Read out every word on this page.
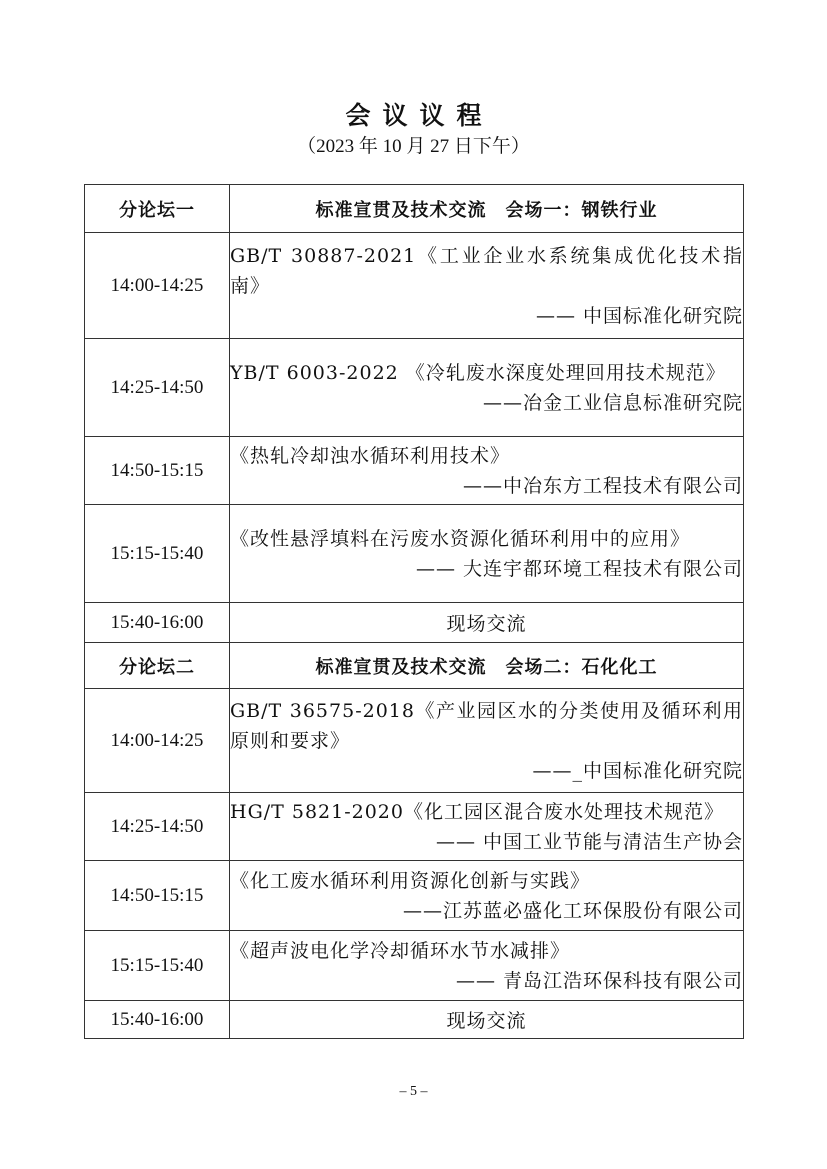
会议议程
（2023 年 10 月 27 日下午）
分论坛一	标准宣贯及技术交流　会场一：钢铁行业
14:00-14:25	GB/T 30887-2021《工业企业水系统集成优化技术指南》
—— 中国标准化研究院

14:25-14:50	YB/T 6003-2022 《冷轧废水深度处理回用技术规范》
——冶金工业信息标准研究院

14:50-15:15	《热轧冷却浊水循环利用技术》
——中冶东方工程技术有限公司

15:15-15:40	《改性悬浮填料在污废水资源化循环利用中的应用》
—— 大连宇都环境工程技术有限公司

15:40-16:00	现场交流
分论坛二	标准宣贯及技术交流　会场二：石化化工
14:00-14:25	GB/T 36575-2018《产业园区水的分类使用及循环利用原则和要求》
——_中国标准化研究院

14:25-14:50	HG/T 5821-2020《化工园区混合废水处理技术规范》
—— 中国工业节能与清洁生产协会

14:50-15:15	《化工废水循环利用资源化创新与实践》
——江苏蓝必盛化工环保股份有限公司

15:15-15:40	《超声波电化学冷却循环水节水减排》
—— 青岛江浩环保科技有限公司

15:40-16:00	现场交流
– 5 –
